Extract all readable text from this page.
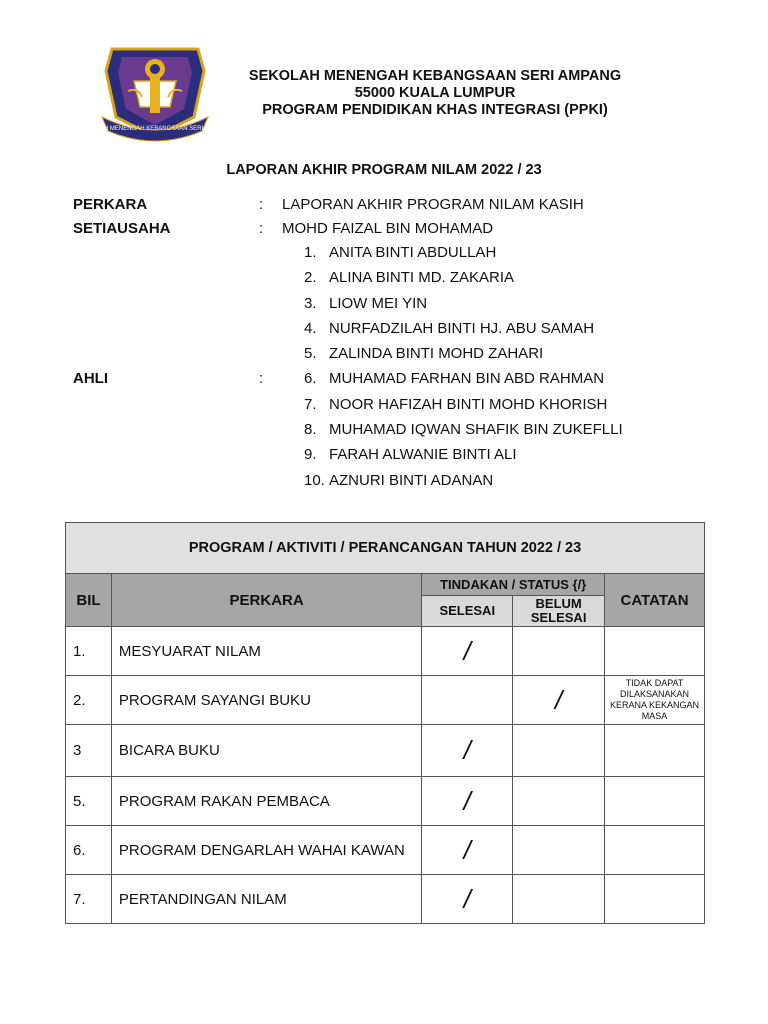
SEKOLAH MENENGAH KEBANGSAAN SERI AMPANG
SEKOLAH MENENGAH KEBANGSAAN SERI AMPANG
55000 KUALA LUMPUR
PROGRAM PENDIDIKAN KHAS INTEGRASI (PPKI)
LAPORAN AKHIR PROGRAM NILAM 2022 / 23
PERKARA	: LAPORAN AKHIR PROGRAM NILAM KASIH
SETIAUSAHA	: MOHD FAIZAL BIN MOHAMAD
AHLI	:
1. ANITA BINTI ABDULLAH
2. ALINA BINTI MD. ZAKARIA
3. LIOW MEI YIN
4. NURFADZILAH BINTI HJ. ABU SAMAH
5. ZALINDA BINTI MOHD ZAHARI
6. MUHAMAD FARHAN BIN ABD RAHMAN
7. NOOR HAFIZAH BINTI MOHD KHORISH
8. MUHAMAD IQWAN SHAFIK BIN ZUKEFLLI
9. FARAH ALWANIE BINTI ALI
10. AZNURI BINTI ADANAN
PROGRAM / AKTIVITI / PERANCANGAN TAHUN 2022 / 23				
BIL	PERKARA	TINDAKAN / STATUS {/}		CATATAN
		SELESAI	BELUM SELESAI	
1.	MESYUARAT NILAM	/		
2.	PROGRAM SAYANGI BUKU		/	TIDAK DAPAT DILAKSANAKAN KERANA KEKANGAN MASA
3	BICARA BUKU	/		
5.	PROGRAM RAKAN PEMBACA	/		
6.	PROGRAM DENGARLAH WAHAI KAWAN	/		
7.	PERTANDINGAN NILAM	/		
